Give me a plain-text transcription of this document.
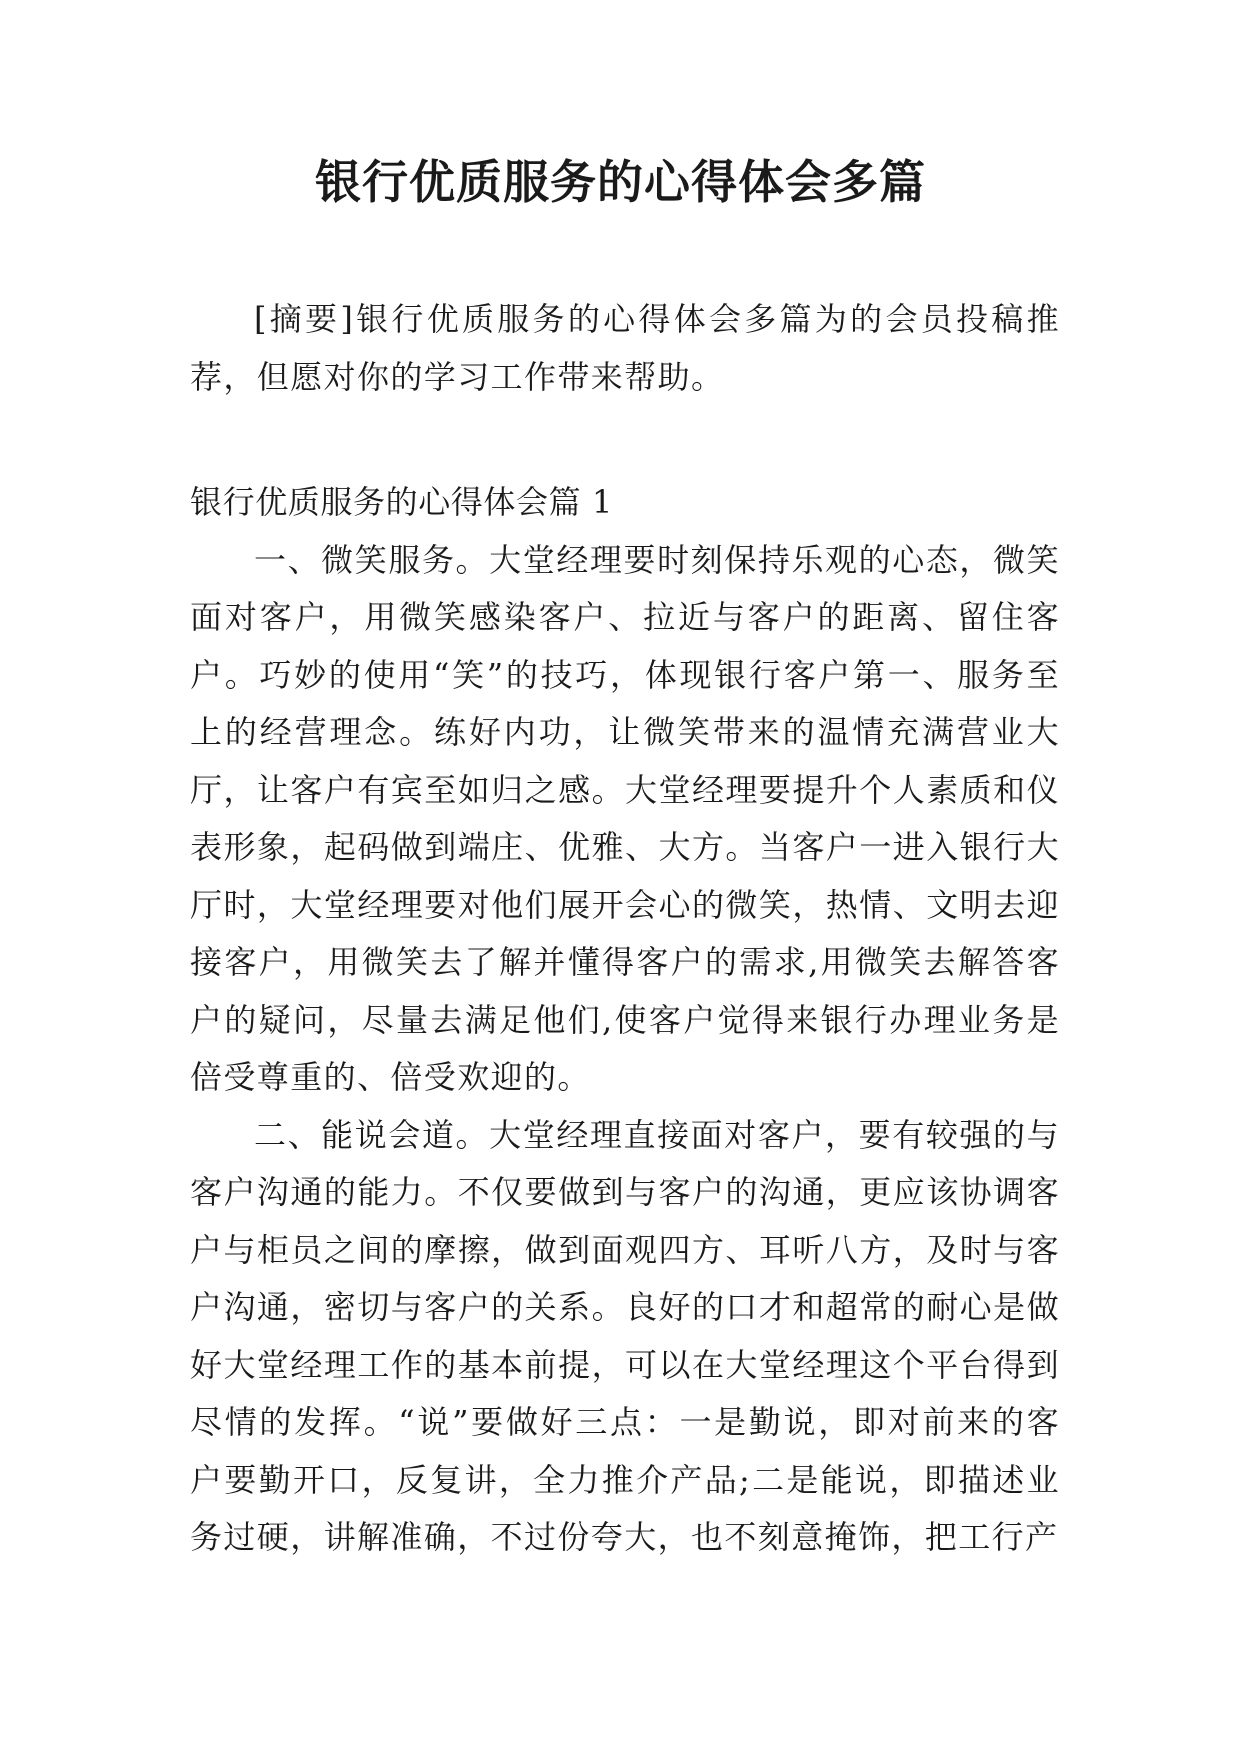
银行优质服务的心得体会多篇

[摘要]银行优质服务的心得体会多篇为的会员投稿推荐，但愿对你的学习工作带来帮助。

银行优质服务的心得体会篇 1

一、微笑服务。大堂经理要时刻保持乐观的心态，微笑面对客户，用微笑感染客户、拉近与客户的距离、留住客户。巧妙的使用“笑”的技巧，体现银行客户第一、服务至上的经营理念。练好内功，让微笑带来的温情充满营业大厅，让客户有宾至如归之感。大堂经理要提升个人素质和仪表形象，起码做到端庄、优雅、大方。当客户一进入银行大厅时，大堂经理要对他们展开会心的微笑，热情、文明去迎接客户，用微笑去了解并懂得客户的需求,用微笑去解答客户的疑问，尽量去满足他们,使客户觉得来银行办理业务是倍受尊重的、倍受欢迎的。

二、能说会道。大堂经理直接面对客户，要有较强的与客户沟通的能力。不仅要做到与客户的沟通，更应该协调客户与柜员之间的摩擦，做到面观四方、耳听八方，及时与客户沟通，密切与客户的关系。良好的口才和超常的耐心是做好大堂经理工作的基本前提，可以在大堂经理这个平台得到尽情的发挥。“说”要做好三点：一是勤说，即对前来的客户要勤开口，反复讲，全力推介产品;二是能说，即描述业务过硬，讲解准确，不过份夸大，也不刻意掩饰，把工行产
